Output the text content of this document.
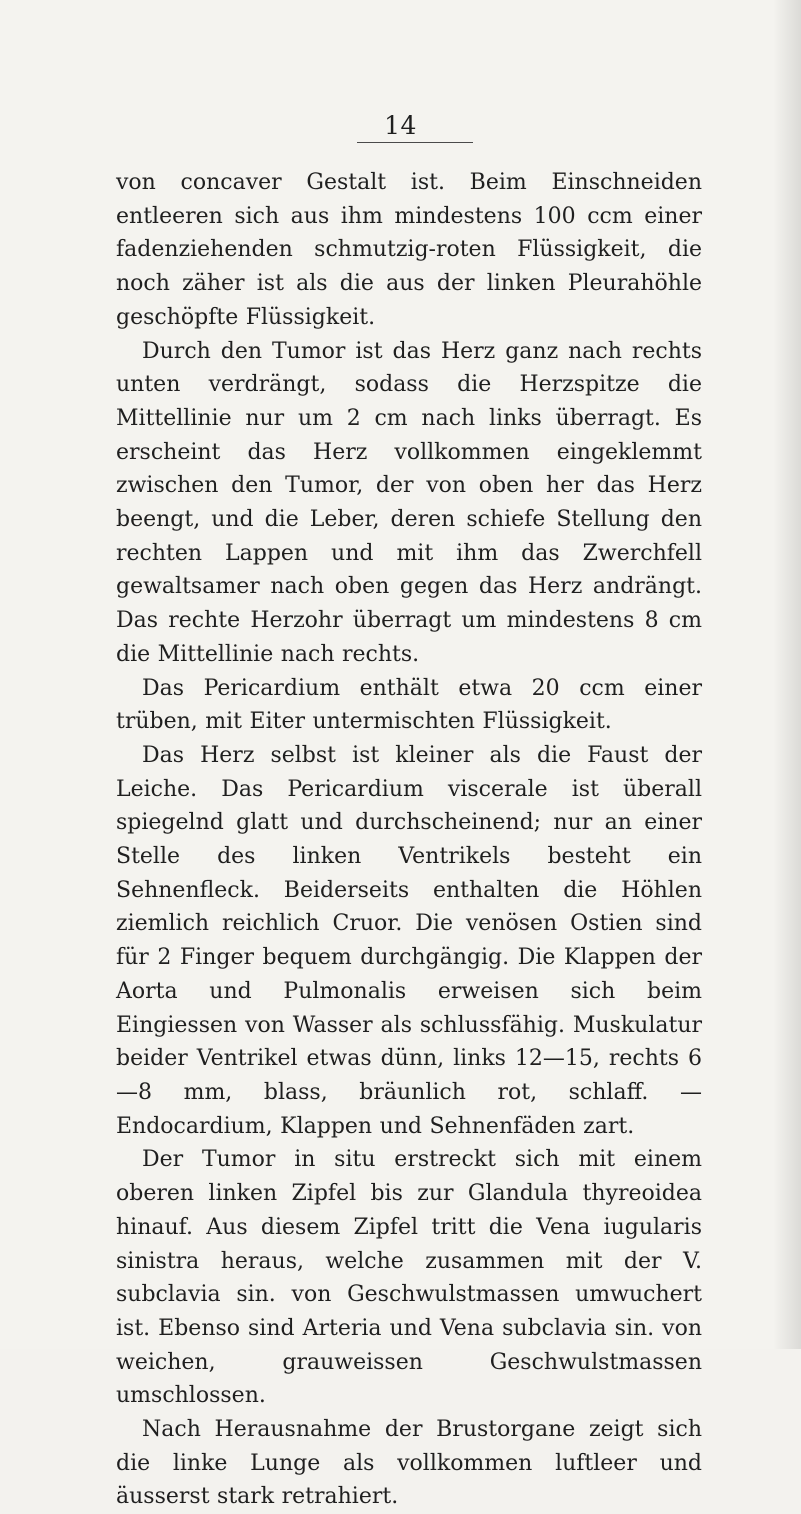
14

von concaver Gestalt ist. Beim Einschneiden entleeren sich aus ihm mindestens 100 ccm einer fadenziehenden schmutzig-roten Flüssigkeit, die noch zäher ist als die aus der linken Pleurahöhle geschöpfte Flüssigkeit.

Durch den Tumor ist das Herz ganz nach rechts unten verdrängt, sodass die Herzspitze die Mittellinie nur um 2 cm nach links überragt. Es erscheint das Herz vollkommen eingeklemmt zwischen den Tumor, der von oben her das Herz beengt, und die Leber, deren schiefe Stellung den rechten Lappen und mit ihm das Zwerchfell gewaltsamer nach oben gegen das Herz andrängt. Das rechte Herzohr überragt um mindestens 8 cm die Mittellinie nach rechts.

Das Pericardium enthält etwa 20 ccm einer trüben, mit Eiter untermischten Flüssigkeit.

Das Herz selbst ist kleiner als die Faust der Leiche. Das Pericardium viscerale ist überall spiegelnd glatt und durchscheinend; nur an einer Stelle des linken Ventrikels besteht ein Sehnenfleck. Beiderseits enthalten die Höhlen ziemlich reichlich Cruor. Die venösen Ostien sind für 2 Finger bequem durchgängig. Die Klappen der Aorta und Pulmonalis erweisen sich beim Eingiessen von Wasser als schlussfähig. Muskulatur beider Ventrikel etwas dünn, links 12—15, rechts 6—8 mm, blass, bräunlich rot, schlaff. — Endocardium, Klappen und Sehnenfäden zart.

Der Tumor in situ erstreckt sich mit einem oberen linken Zipfel bis zur Glandula thyreoidea hinauf. Aus diesem Zipfel tritt die Vena iugularis sinistra heraus, welche zusammen mit der V. subclavia sin. von Geschwulstmassen umwuchert ist. Ebenso sind Arteria und Vena subclavia sin. von weichen, grauweissen Geschwulstmassen umschlossen.

Nach Herausnahme der Brustorgane zeigt sich die linke Lunge als vollkommen luftleer und äusserst stark retrahiert.
